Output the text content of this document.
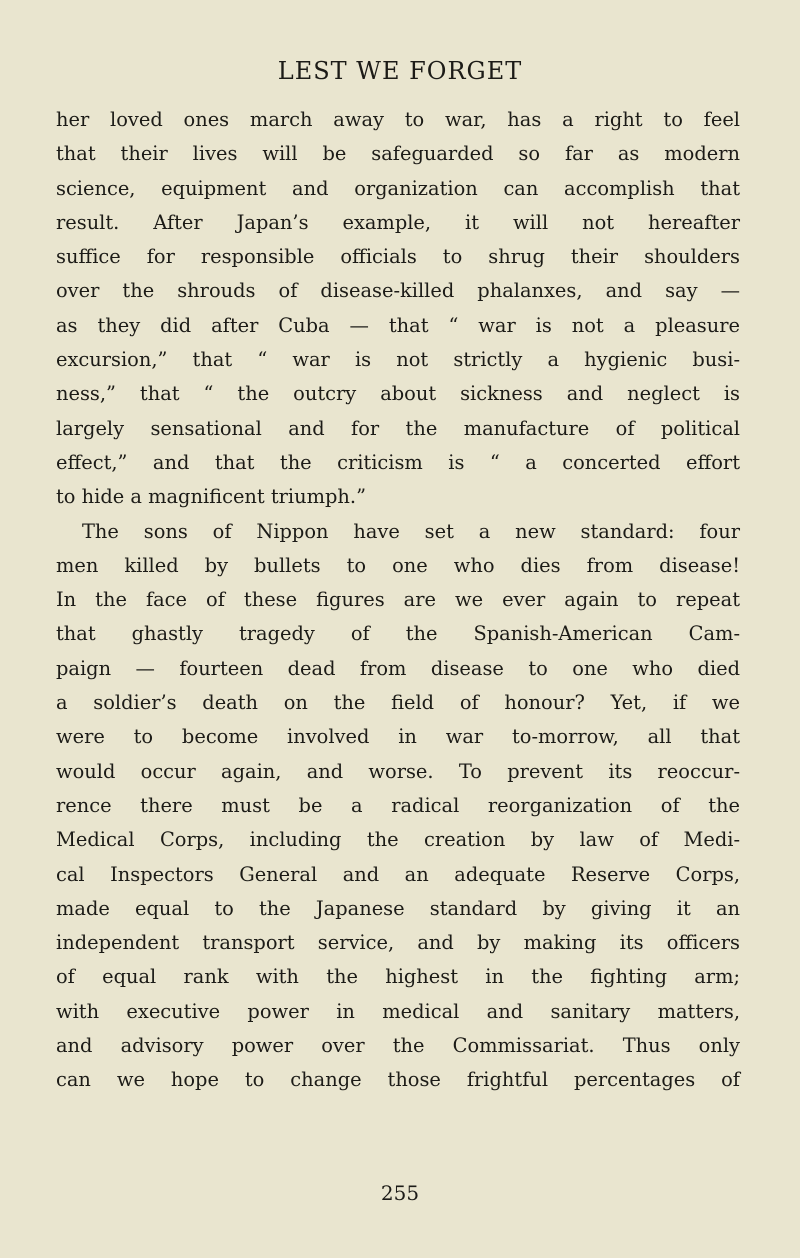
LEST WE FORGET
her loved ones march away to war, has a right to feel
that their lives will be safeguarded so far as modern
science, equipment and organization can accomplish that
result. After Japan’s example, it will not hereafter
suffice for responsible officials to shrug their shoulders
over the shrouds of disease-killed phalanxes, and say —
as they did after Cuba — that “ war is not a pleasure
excursion,” that “ war is not strictly a hygienic busi-
ness,” that “ the outcry about sickness and neglect is
largely sensational and for the manufacture of political
effect,” and that the criticism is “ a concerted effort
to hide a magnificent triumph.”
The sons of Nippon have set a new standard: four
men killed by bullets to one who dies from disease!
In the face of these figures are we ever again to repeat
that ghastly tragedy of the Spanish-American Cam-
paign — fourteen dead from disease to one who died
a soldier’s death on the field of honour? Yet, if we
were to become involved in war to-morrow, all that
would occur again, and worse. To prevent its reoccur-
rence there must be a radical reorganization of the
Medical Corps, including the creation by law of Medi-
cal Inspectors General and an adequate Reserve Corps,
made equal to the Japanese standard by giving it an
independent transport service, and by making its officers
of equal rank with the highest in the fighting arm;
with executive power in medical and sanitary matters,
and advisory power over the Commissariat. Thus only
can we hope to change those frightful percentages of
255
